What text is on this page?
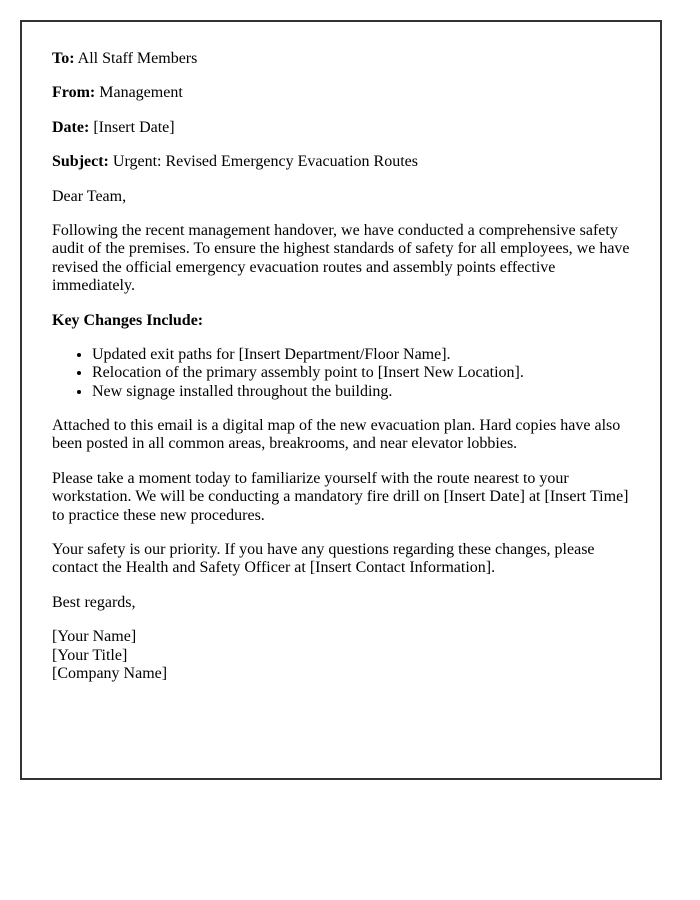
To: All Staff Members

From: Management

Date: [Insert Date]

Subject: Urgent: Revised Emergency Evacuation Routes

Dear Team,

Following the recent management handover, we have conducted a comprehensive safety audit of the premises. To ensure the highest standards of safety for all employees, we have revised the official emergency evacuation routes and assembly points effective immediately.

Key Changes Include:

• Updated exit paths for [Insert Department/Floor Name].
• Relocation of the primary assembly point to [Insert New Location].
• New signage installed throughout the building.

Attached to this email is a digital map of the new evacuation plan. Hard copies have also been posted in all common areas, breakrooms, and near elevator lobbies.

Please take a moment today to familiarize yourself with the route nearest to your workstation. We will be conducting a mandatory fire drill on [Insert Date] at [Insert Time] to practice these new procedures.

Your safety is our priority. If you have any questions regarding these changes, please contact the Health and Safety Officer at [Insert Contact Information].

Best regards,

[Your Name]
[Your Title]
[Company Name]
